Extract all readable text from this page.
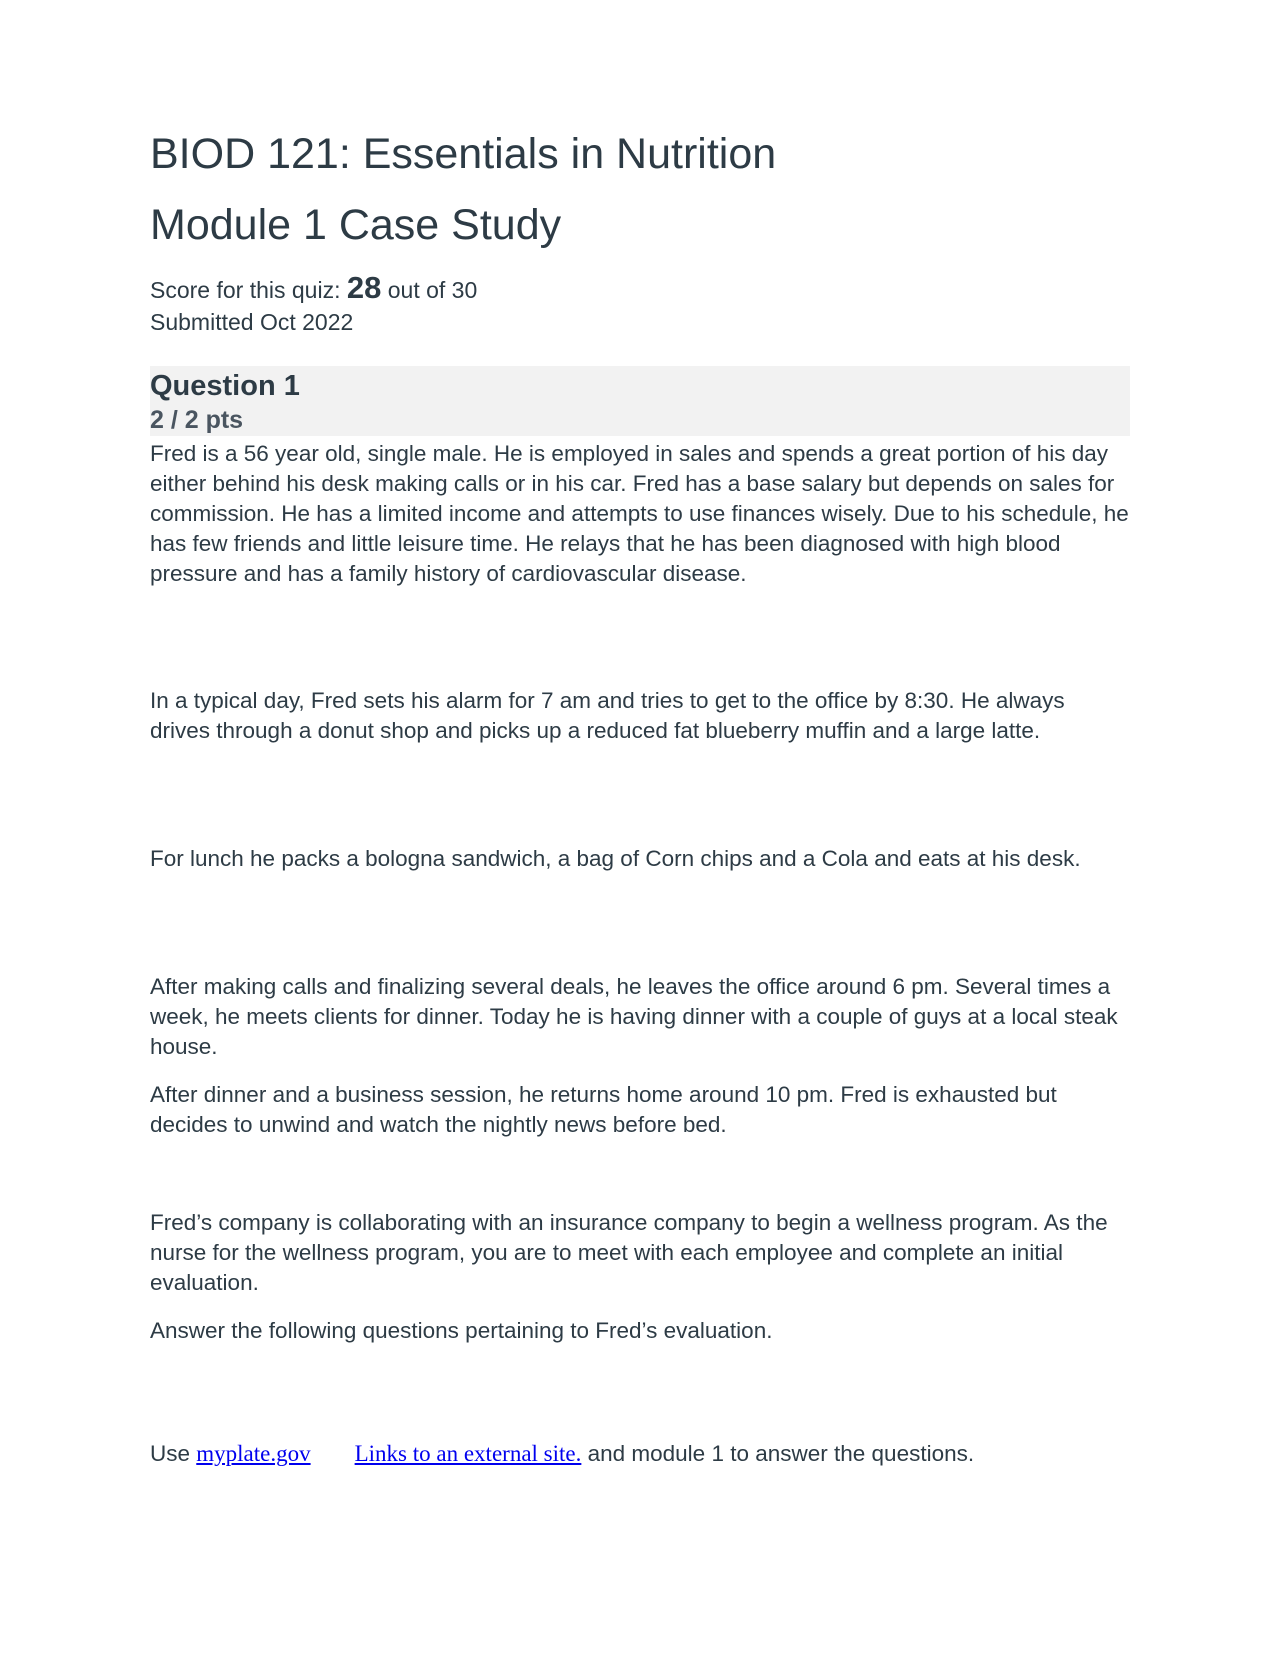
BIOD 121: Essentials in Nutrition
Module 1 Case Study
Score for this quiz: 28 out of 30
Submitted Oct 2022
Question 1
2 / 2 pts

Fred is a 56 year old, single male. He is employed in sales and spends a great portion of his day either behind his desk making calls or in his car. Fred has a base salary but depends on sales for commission. He has a limited income and attempts to use finances wisely. Due to his schedule, he has few friends and little leisure time. He relays that he has been diagnosed with high blood pressure and has a family history of cardiovascular disease.

In a typical day, Fred sets his alarm for 7 am and tries to get to the office by 8:30. He always drives through a donut shop and picks up a reduced fat blueberry muffin and a large latte.

For lunch he packs a bologna sandwich, a bag of Corn chips and a Cola and eats at his desk.

After making calls and finalizing several deals, he leaves the office around 6 pm. Several times a week, he meets clients for dinner. Today he is having dinner with a couple of guys at a local steak house.

After dinner and a business session, he returns home around 10 pm. Fred is exhausted but decides to unwind and watch the nightly news before bed.

Fred’s company is collaborating with an insurance company to begin a wellness program. As the nurse for the wellness program, you are to meet with each employee and complete an initial evaluation.

Answer the following questions pertaining to Fred’s evaluation.

Use myplate.gov Links to an external site. and module 1 to answer the questions.
